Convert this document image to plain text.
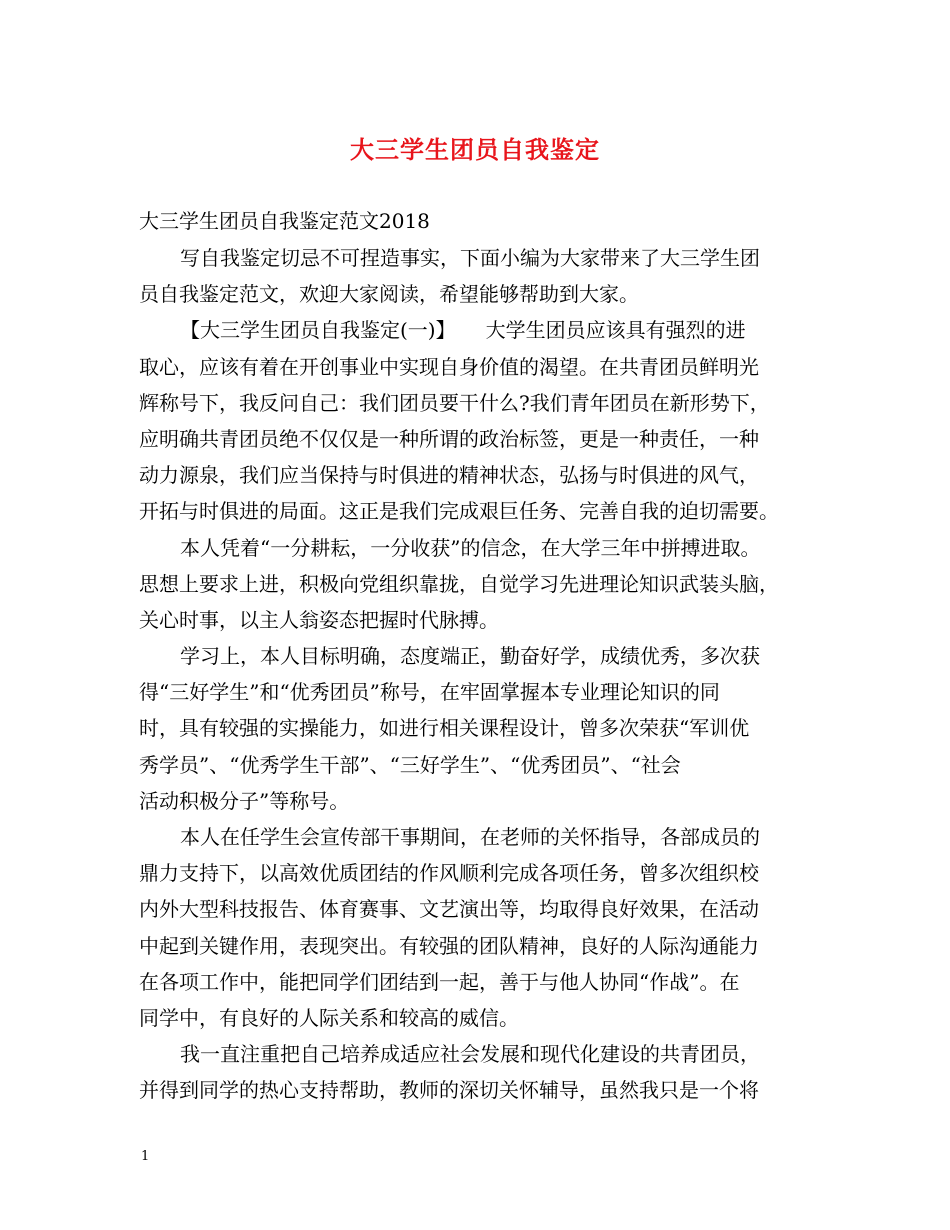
大三学生团员自我鉴定
大三学生团员自我鉴定范文2018
写自我鉴定切忌不可捏造事实，下面小编为大家带来了大三学生团
员自我鉴定范文，欢迎大家阅读，希望能够帮助到大家。
【大三学生团员自我鉴定(一)】　　大学生团员应该具有强烈的进
取心，应该有着在开创事业中实现自身价值的渴望。在共青团员鲜明光
辉称号下，我反问自己：我们团员要干什么?我们青年团员在新形势下，
应明确共青团员绝不仅仅是一种所谓的政治标签，更是一种责任，一种
动力源泉，我们应当保持与时俱进的精神状态，弘扬与时俱进的风气，
开拓与时俱进的局面。这正是我们完成艰巨任务、完善自我的迫切需要。
本人凭着“一分耕耘，一分收获”的信念，在大学三年中拼搏进取。
思想上要求上进，积极向党组织靠拢，自觉学习先进理论知识武装头脑，
关心时事，以主人翁姿态把握时代脉搏。
学习上，本人目标明确，态度端正，勤奋好学，成绩优秀，多次获
得“三好学生”和“优秀团员”称号，在牢固掌握本专业理论知识的同
时，具有较强的实操能力，如进行相关课程设计，曾多次荣获“军训优
秀学员”、“优秀学生干部”、“三好学生”、“优秀团员”、“社会
活动积极分子”等称号。
本人在任学生会宣传部干事期间，在老师的关怀指导，各部成员的
鼎力支持下，以高效优质团结的作风顺利完成各项任务，曾多次组织校
内外大型科技报告、体育赛事、文艺演出等，均取得良好效果，在活动
中起到关键作用，表现突出。有较强的团队精神，良好的人际沟通能力
在各项工作中，能把同学们团结到一起，善于与他人协同“作战”。在
同学中，有良好的人际关系和较高的威信。
我一直注重把自己培养成适应社会发展和现代化建设的共青团员，
并得到同学的热心支持帮助，教师的深切关怀辅导，虽然我只是一个将
1
